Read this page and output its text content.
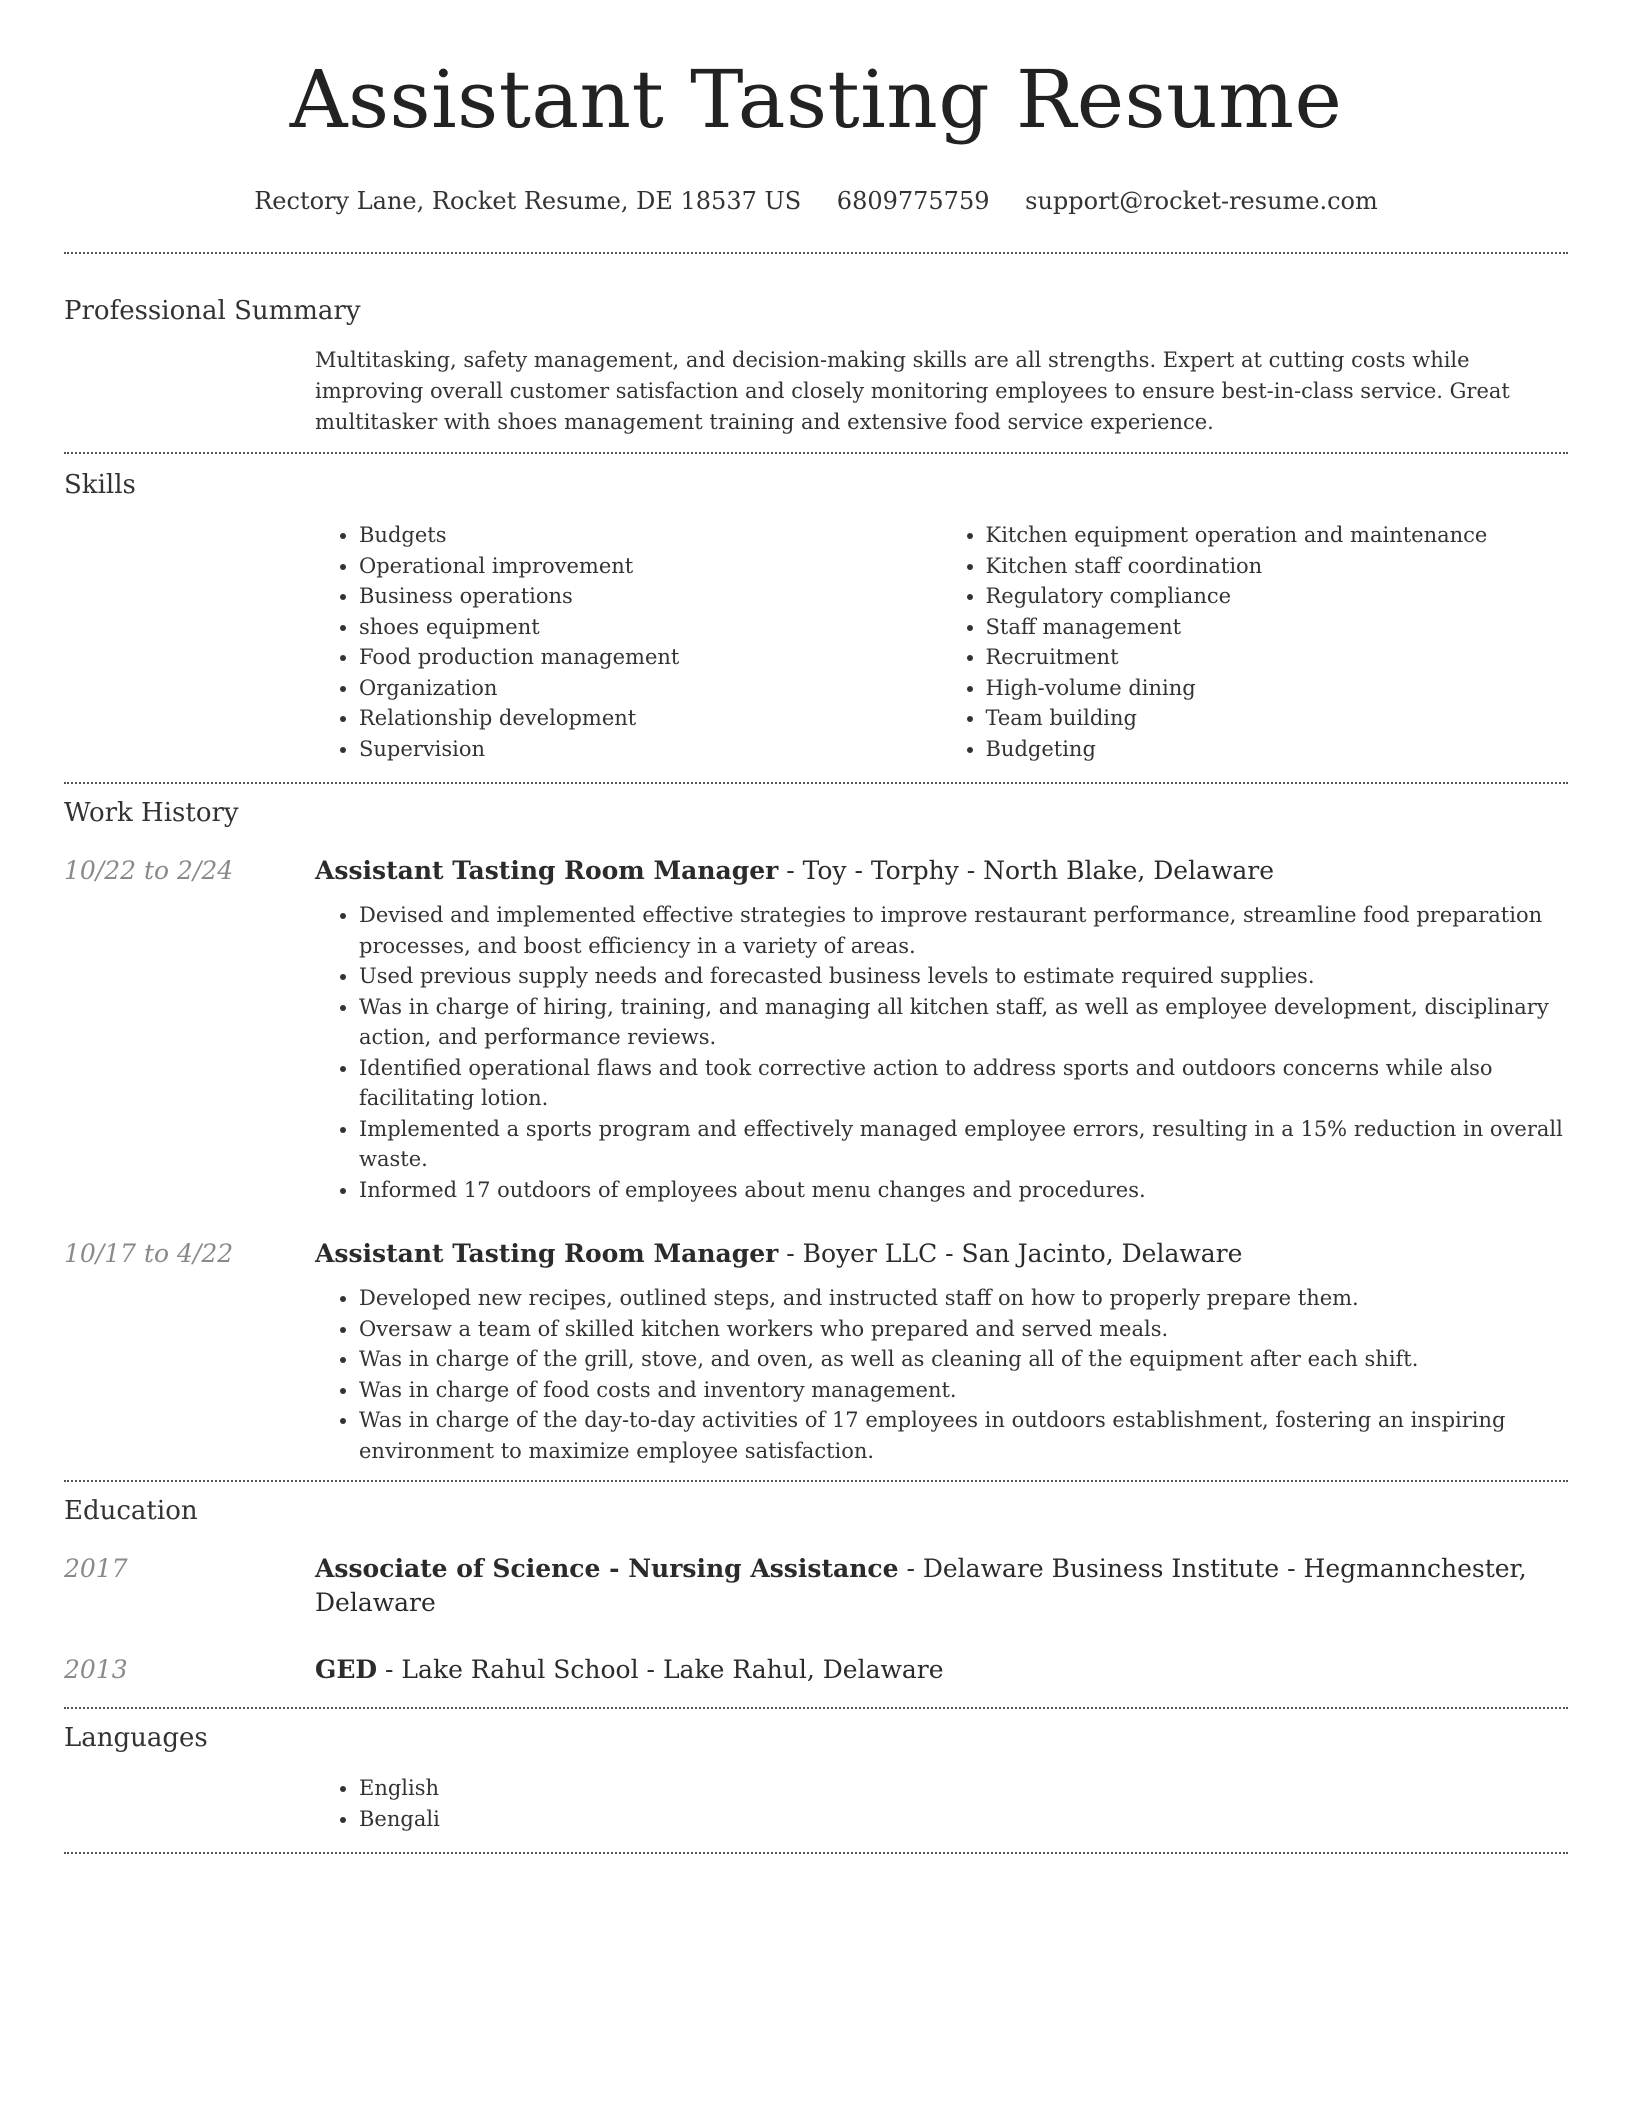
Assistant Tasting Resume
Rectory Lane, Rocket Resume, DE 18537 US 6809775759 support@rocket-resume.com
Professional Summary

Multitasking, safety management, and decision-making skills are all strengths. Expert at cutting costs while improving overall customer satisfaction and closely monitoring employees to ensure best-in-class service. Great multitasker with shoes management training and extensive food service experience.

Skills
• Budgets
• Operational improvement
• Business operations
• shoes equipment
• Food production management
• Organization
• Relationship development
• Supervision
• Kitchen equipment operation and maintenance
• Kitchen staff coordination
• Regulatory compliance
• Staff management
• Recruitment
• High-volume dining
• Team building
• Budgeting
Work History
10/22 to 2/24	Assistant Tasting Room Manager - Toy - Torphy - North Blake, Delaware
• Devised and implemented effective strategies to improve restaurant performance, streamline food preparation processes, and boost efficiency in a variety of areas.
• Used previous supply needs and forecasted business levels to estimate required supplies.
• Was in charge of hiring, training, and managing all kitchen staff, as well as employee development, disciplinary action, and performance reviews.
• Identified operational flaws and took corrective action to address sports and outdoors concerns while also facilitating lotion.
• Implemented a sports program and effectively managed employee errors, resulting in a 15% reduction in overall waste.
• Informed 17 outdoors of employees about menu changes and procedures.
10/17 to 4/22	Assistant Tasting Room Manager - Boyer LLC - San Jacinto, Delaware
• Developed new recipes, outlined steps, and instructed staff on how to properly prepare them.
• Oversaw a team of skilled kitchen workers who prepared and served meals.
• Was in charge of the grill, stove, and oven, as well as cleaning all of the equipment after each shift.
• Was in charge of food costs and inventory management.
• Was in charge of the day-to-day activities of 17 employees in outdoors establishment, fostering an inspiring environment to maximize employee satisfaction.
Education
2017	Associate of Science - Nursing Assistance - Delaware Business Institute - Hegmannchester, Delaware
2013	GED - Lake Rahul School - Lake Rahul, Delaware
Languages
• English
• Bengali
